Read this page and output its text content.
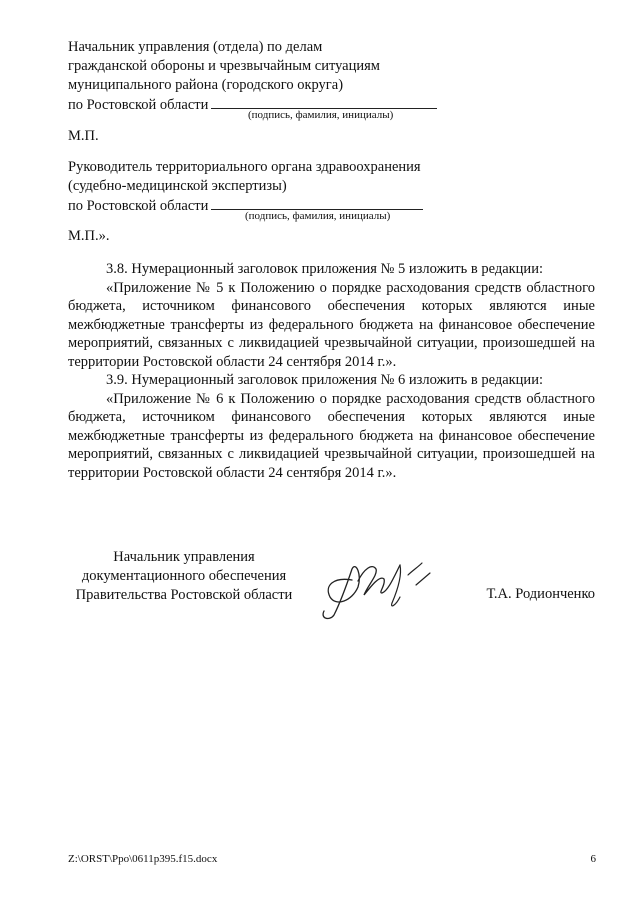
Начальник управления (отдела) по делам
гражданской обороны и чрезвычайным ситуациям
муниципального района (городского округа)
по Ростовской области
(подпись, фамилия, инициалы)
М.П.
Руководитель территориального органа здравоохранения
(судебно-медицинской экспертизы)
по Ростовской области
(подпись, фамилия, инициалы)
М.П.».
3.8. Нумерационный заголовок приложения № 5 изложить в редакции:

«Приложение № 5 к Положению о порядке расходования средств областного бюджета, источником финансового обеспечения которых являются иные межбюджетные трансферты из федерального бюджета на финансовое обеспечение мероприятий, связанных с ликвидацией чрезвычайной ситуации, произошедшей на территории Ростовской области 24 сентября 2014 г.».

3.9. Нумерационный заголовок приложения № 6 изложить в редакции:

«Приложение № 6 к Положению о порядке расходования средств областного бюджета, источником финансового обеспечения которых являются иные межбюджетные трансферты из федерального бюджета на финансовое обеспечение мероприятий, связанных с ликвидацией чрезвычайной ситуации, произошедшей на территории Ростовской области 24 сентября 2014 г.».

Начальник управления
документационного обеспечения
Правительства Ростовской области	Т.А. Родионченко
Z:\ORST\Ppo\0611p395.f15.docx	6
